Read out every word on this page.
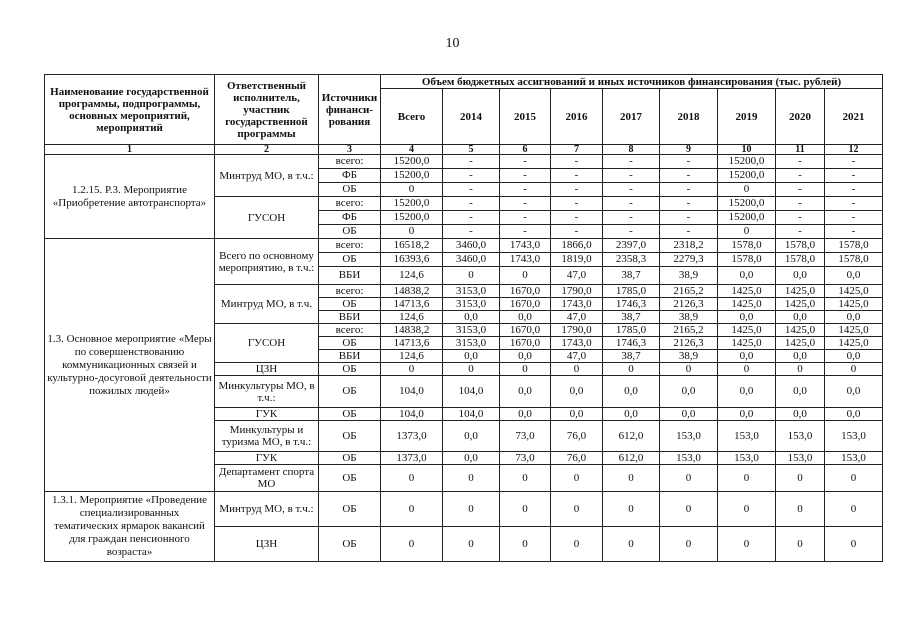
10
Наименование государственной программы, подпрограммы, основных мероприятий, мероприятий	Ответственный исполнитель, участник государственной программы	Источники финанси-рования	Объем бюджетных ассигнований и иных источников финансирования (тыс. рублей)								
			Всего	2014	2015	2016	2017	2018	2019	2020	2021
1	2	3	4	5	6	7	8	9	10	11	12
1.2.15. Р.3. Мероприятие «Приобретение автотранспорта»	Минтруд МО, в т.ч.:	всего:	15200,0	-	-	-	-	-	15200,0	-	-
		ФБ	15200,0	-	-	-	-	-	15200,0	-	-
		ОБ	0	-	-	-	-	-	0	-	-
	ГУСОН	всего:	15200,0	-	-	-	-	-	15200,0	-	-
		ФБ	15200,0	-	-	-	-	-	15200,0	-	-
		ОБ	0	-	-	-	-	-	0	-	-
1.3. Основное мероприятие «Меры по совершенствованию коммуникационных связей и культурно-досуговой деятельности пожилых людей»	Всего по основному мероприятию, в т.ч.:	всего:	16518,2	3460,0	1743,0	1866,0	2397,0	2318,2	1578,0	1578,0	1578,0
		ОБ	16393,6	3460,0	1743,0	1819,0	2358,3	2279,3	1578,0	1578,0	1578,0
		ВБИ	124,6	0	0	47,0	38,7	38,9	0,0	0,0	0,0
	Минтруд МО, в т.ч.	всего:	14838,2	3153,0	1670,0	1790,0	1785,0	2165,2	1425,0	1425,0	1425,0
		ОБ	14713,6	3153,0	1670,0	1743,0	1746,3	2126,3	1425,0	1425,0	1425,0
		ВБИ	124,6	0,0	0,0	47,0	38,7	38,9	0,0	0,0	0,0
	ГУСОН	всего:	14838,2	3153,0	1670,0	1790,0	1785,0	2165,2	1425,0	1425,0	1425,0
		ОБ	14713,6	3153,0	1670,0	1743,0	1746,3	2126,3	1425,0	1425,0	1425,0
		ВБИ	124,6	0,0	0,0	47,0	38,7	38,9	0,0	0,0	0,0
	ЦЗН	ОБ	0	0	0	0	0	0	0	0	0
	Минкультуры МО, в т.ч.:	ОБ	104,0	104,0	0,0	0,0	0,0	0,0	0,0	0,0	0,0
	ГУК	ОБ	104,0	104,0	0,0	0,0	0,0	0,0	0,0	0,0	0,0
	Минкультуры и туризма МО, в т.ч.:	ОБ	1373,0	0,0	73,0	76,0	612,0	153,0	153,0	153,0	153,0
	ГУК	ОБ	1373,0	0,0	73,0	76,0	612,0	153,0	153,0	153,0	153,0
	Департамент спорта МО	ОБ	0	0	0	0	0	0	0	0	0
1.3.1. Мероприятие «Проведение специализированных тематических ярмарок вакансий для граждан пенсионного возраста»	Минтруд МО, в т.ч.:	ОБ	0	0	0	0	0	0	0	0	0
	ЦЗН	ОБ	0	0	0	0	0	0	0	0	0
